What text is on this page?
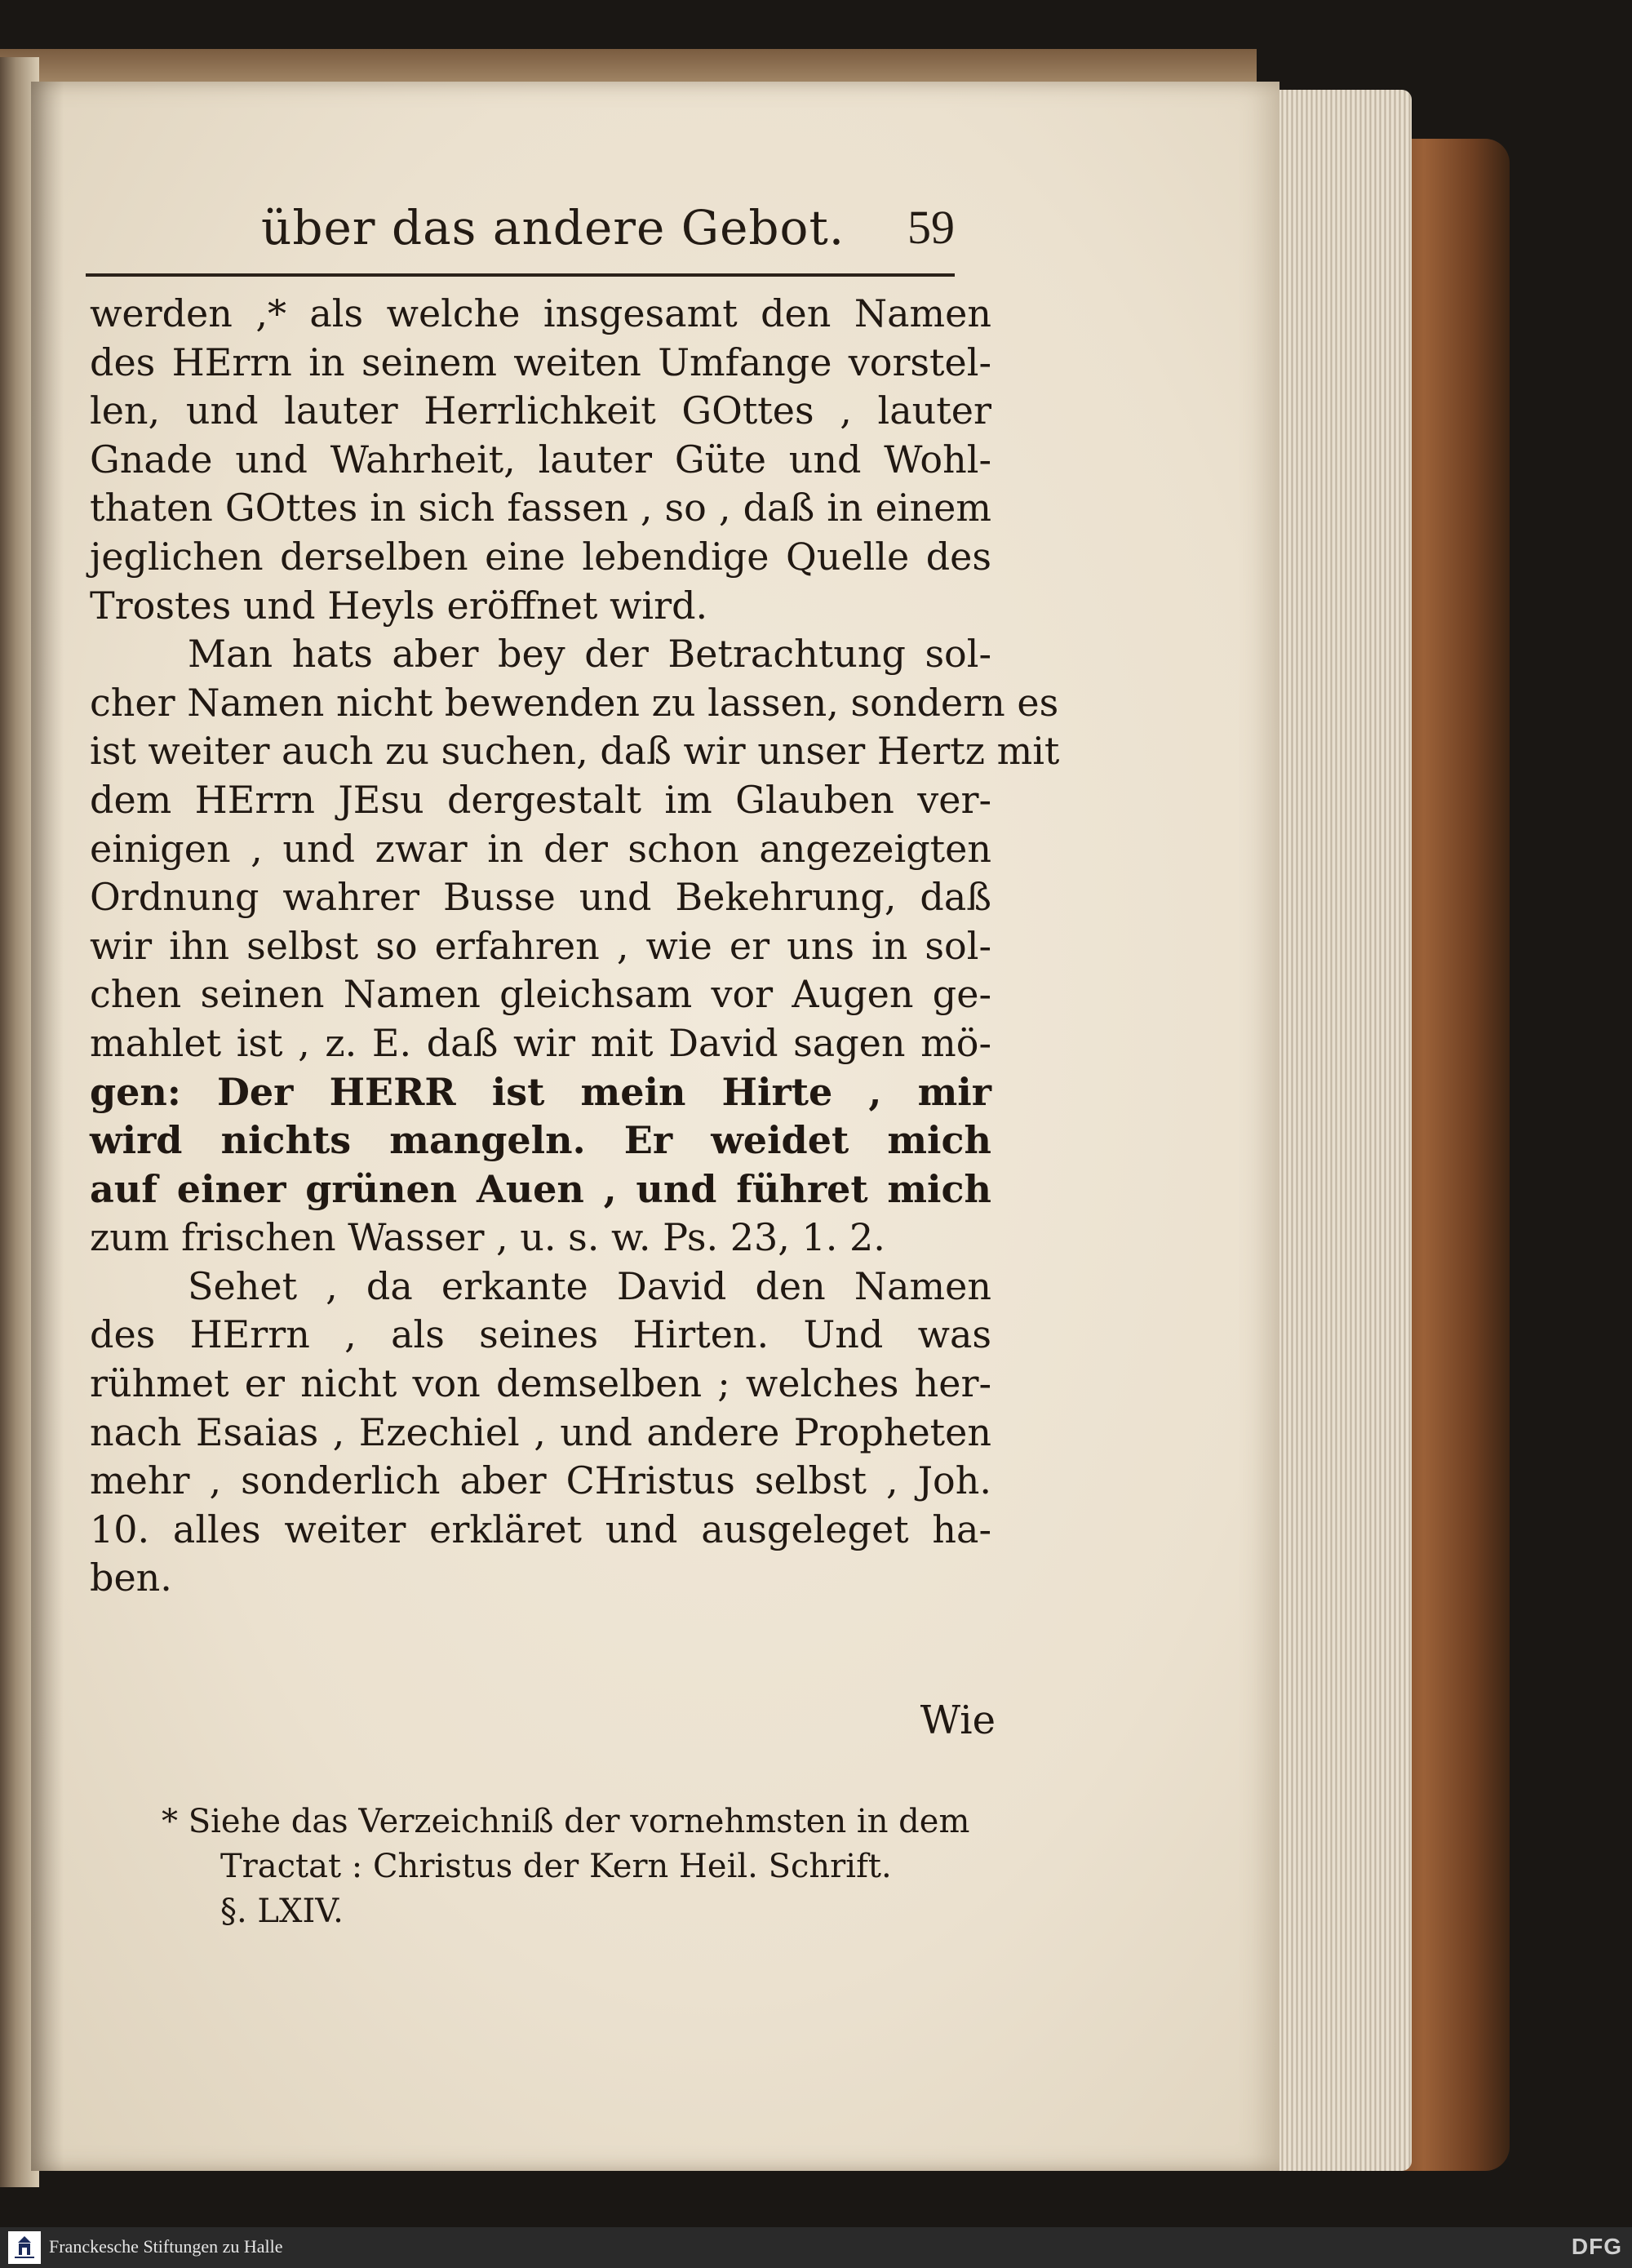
über das andere Gebot. 59
werden ,* als welche insgesamt den Namen
des HErrn in seinem weiten Umfange vorstel-
len, und lauter Herrlichkeit GOttes , lauter
Gnade und Wahrheit, lauter Güte und Wohl-
thaten GOttes in sich fassen , so , daß in einem
jeglichen derselben eine lebendige Quelle des
Trostes und Heyls eröffnet wird.
Man hats aber bey der Betrachtung sol-
cher Namen nicht bewenden zu lassen, sondern es
ist weiter auch zu suchen, daß wir unser Hertz mit
dem HErrn JEsu dergestalt im Glauben ver-
einigen , und zwar in der schon angezeigten
Ordnung wahrer Busse und Bekehrung, daß
wir ihn selbst so erfahren , wie er uns in sol-
chen seinen Namen gleichsam vor Augen ge-
mahlet ist , z. E. daß wir mit David sagen mö-
gen: Der HERR ist mein Hirte , mir
wird nichts mangeln. Er weidet mich
auf einer grünen Auen , und führet mich
zum frischen Wasser , u. s. w. Ps. 23, 1. 2.
Sehet , da erkante David den Namen
des HErrn , als seines Hirten. Und was
rühmet er nicht von demselben ; welches her-
nach Esaias , Ezechiel , und andere Propheten
mehr , sonderlich aber CHristus selbst , Joh.
10. alles weiter erkläret und ausgeleget ha-
ben.
Wie
* Siehe das Verzeichniß der vornehmsten in dem
Tractat : Christus der Kern Heil. Schrift.
§. LXIV.
Franckesche Stiftungen zu Halle	DFG
